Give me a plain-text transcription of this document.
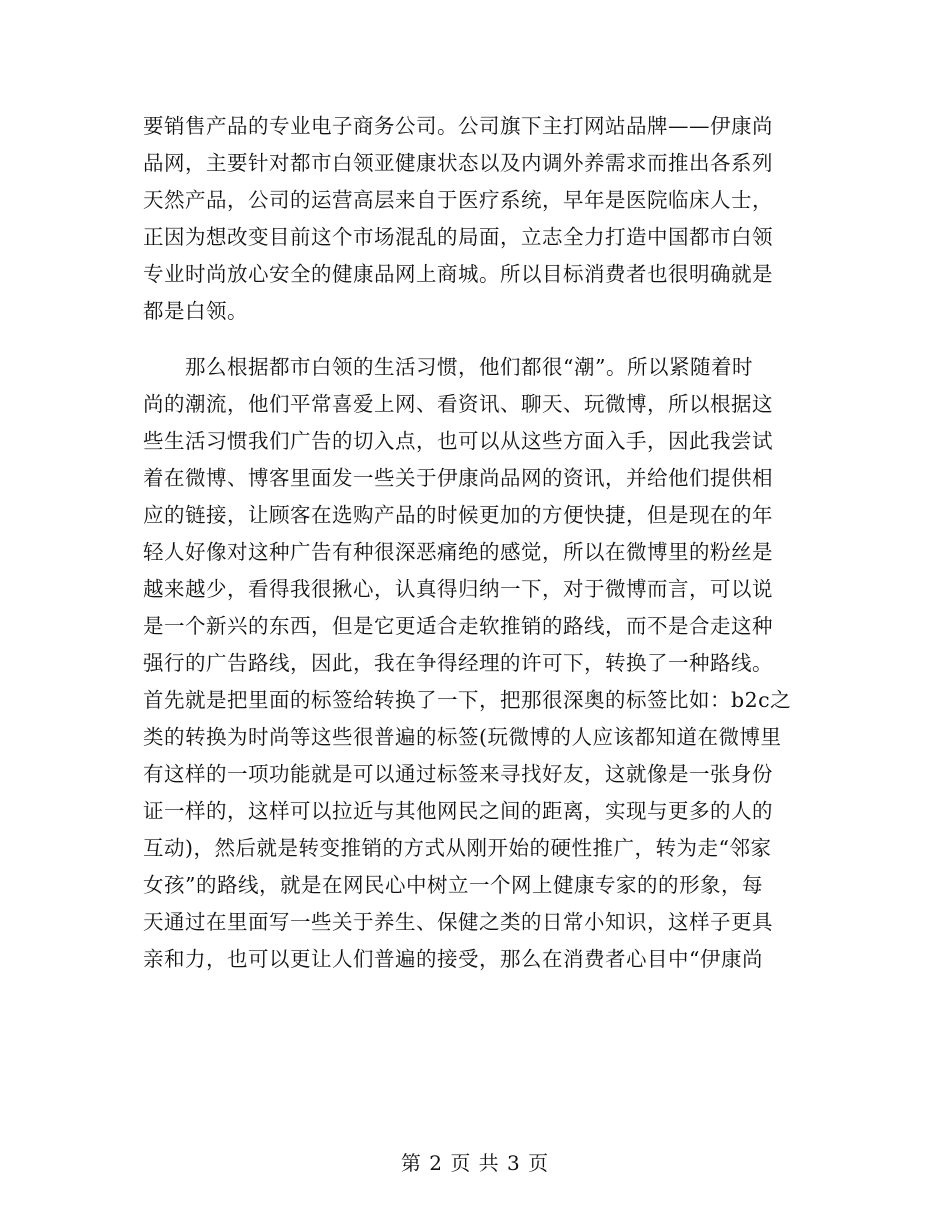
要销售产品的专业电子商务公司。公司旗下主打网站品牌——伊康尚
品网，主要针对都市白领亚健康状态以及内调外养需求而推出各系列
天然产品，公司的运营高层来自于医疗系统，早年是医院临床人士，
正因为想改变目前这个市场混乱的局面，立志全力打造中国都市白领
专业时尚放心安全的健康品网上商城。所以目标消费者也很明确就是
都是白领。
那么根据都市白领的生活习惯，他们都很“潮”。所以紧随着时
尚的潮流，他们平常喜爱上网、看资讯、聊天、玩微博，所以根据这
些生活习惯我们广告的切入点，也可以从这些方面入手，因此我尝试
着在微博、博客里面发一些关于伊康尚品网的资讯，并给他们提供相
应的链接，让顾客在选购产品的时候更加的方便快捷，但是现在的年
轻人好像对这种广告有种很深恶痛绝的感觉，所以在微博里的粉丝是
越来越少，看得我很揪心，认真得归纳一下，对于微博而言，可以说
是一个新兴的东西，但是它更适合走软推销的路线，而不是合走这种
强行的广告路线，因此，我在争得经理的许可下，转换了一种路线。
首先就是把里面的标签给转换了一下，把那很深奥的标签比如：b2c之
类的转换为时尚等这些很普遍的标签(玩微博的人应该都知道在微博里
有这样的一项功能就是可以通过标签来寻找好友，这就像是一张身份
证一样的，这样可以拉近与其他网民之间的距离，实现与更多的人的
互动)，然后就是转变推销的方式从刚开始的硬性推广，转为走“邻家
女孩”的路线，就是在网民心中树立一个网上健康专家的的形象，每
天通过在里面写一些关于养生、保健之类的日常小知识，这样子更具
亲和力，也可以更让人们普遍的接受，那么在消费者心目中“伊康尚
第 2 页 共 3 页
